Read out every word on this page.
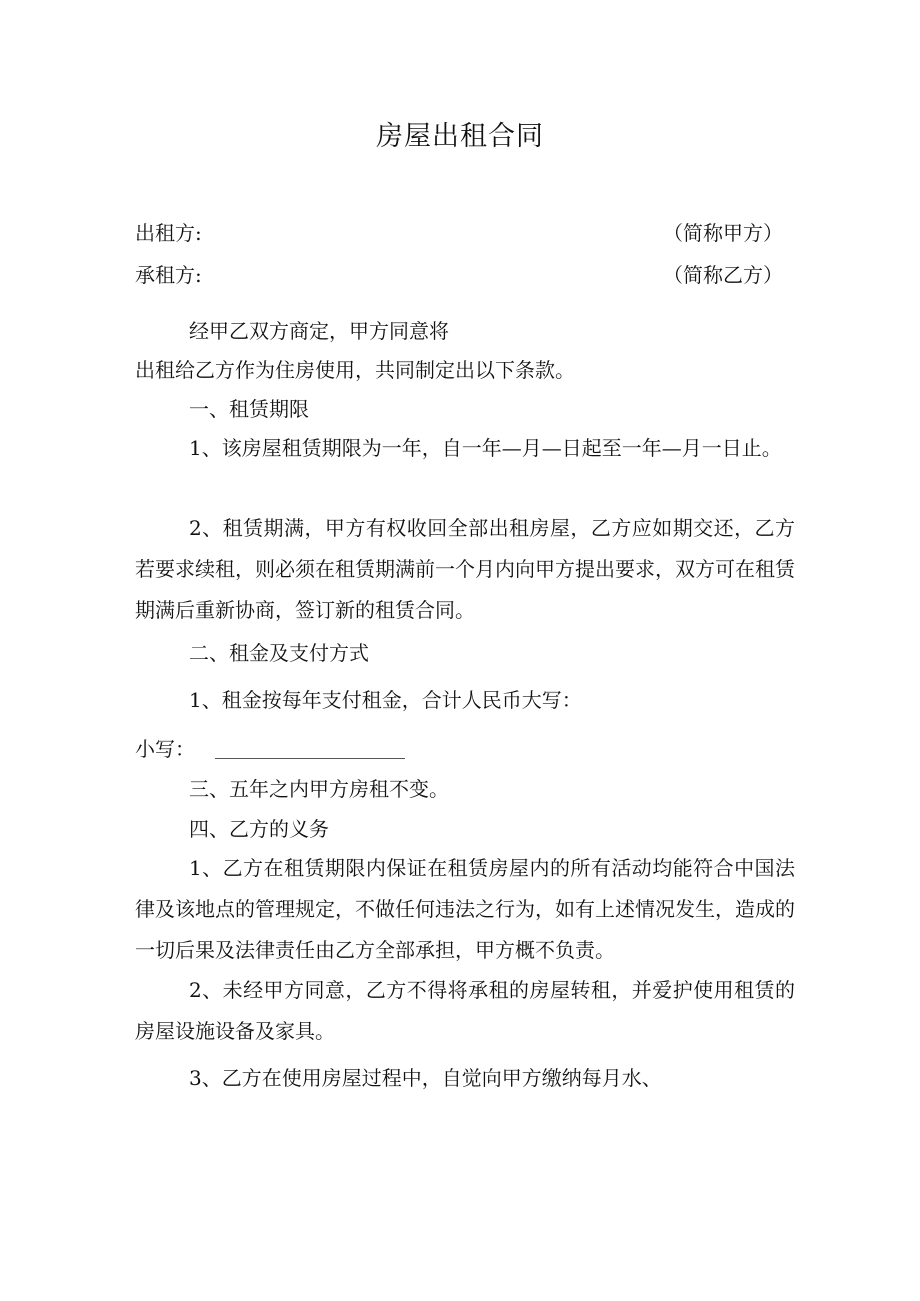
房屋出租合同
出租方:	（简称甲方）
承租方:	（简称乙方）

经甲乙双方商定，甲方同意将

出租给乙方作为住房使用，共同制定出以下条款。

一、租赁期限

1、该房屋租赁期限为一年，自一年—月—日起至一年—月一日止。

2、租赁期满，甲方有权收回全部出租房屋，乙方应如期交还，乙方若要求续租，则必须在租赁期满前一个月内向甲方提出要求，双方可在租赁期满后重新协商，签订新的租赁合同。

二、租金及支付方式

1、租金按每年支付租金，合计人民币大写：

小写：
三、五年之内甲方房租不变。
四、乙方的义务

1、乙方在租赁期限内保证在租赁房屋内的所有活动均能符合中国法律及该地点的管理规定，不做任何违法之行为，如有上述情况发生，造成的一切后果及法律责任由乙方全部承担，甲方概不负责。

2、未经甲方同意，乙方不得将承租的房屋转租，并爱护使用租赁的房屋设施设备及家具。

3、乙方在使用房屋过程中，自觉向甲方缴纳每月水、
